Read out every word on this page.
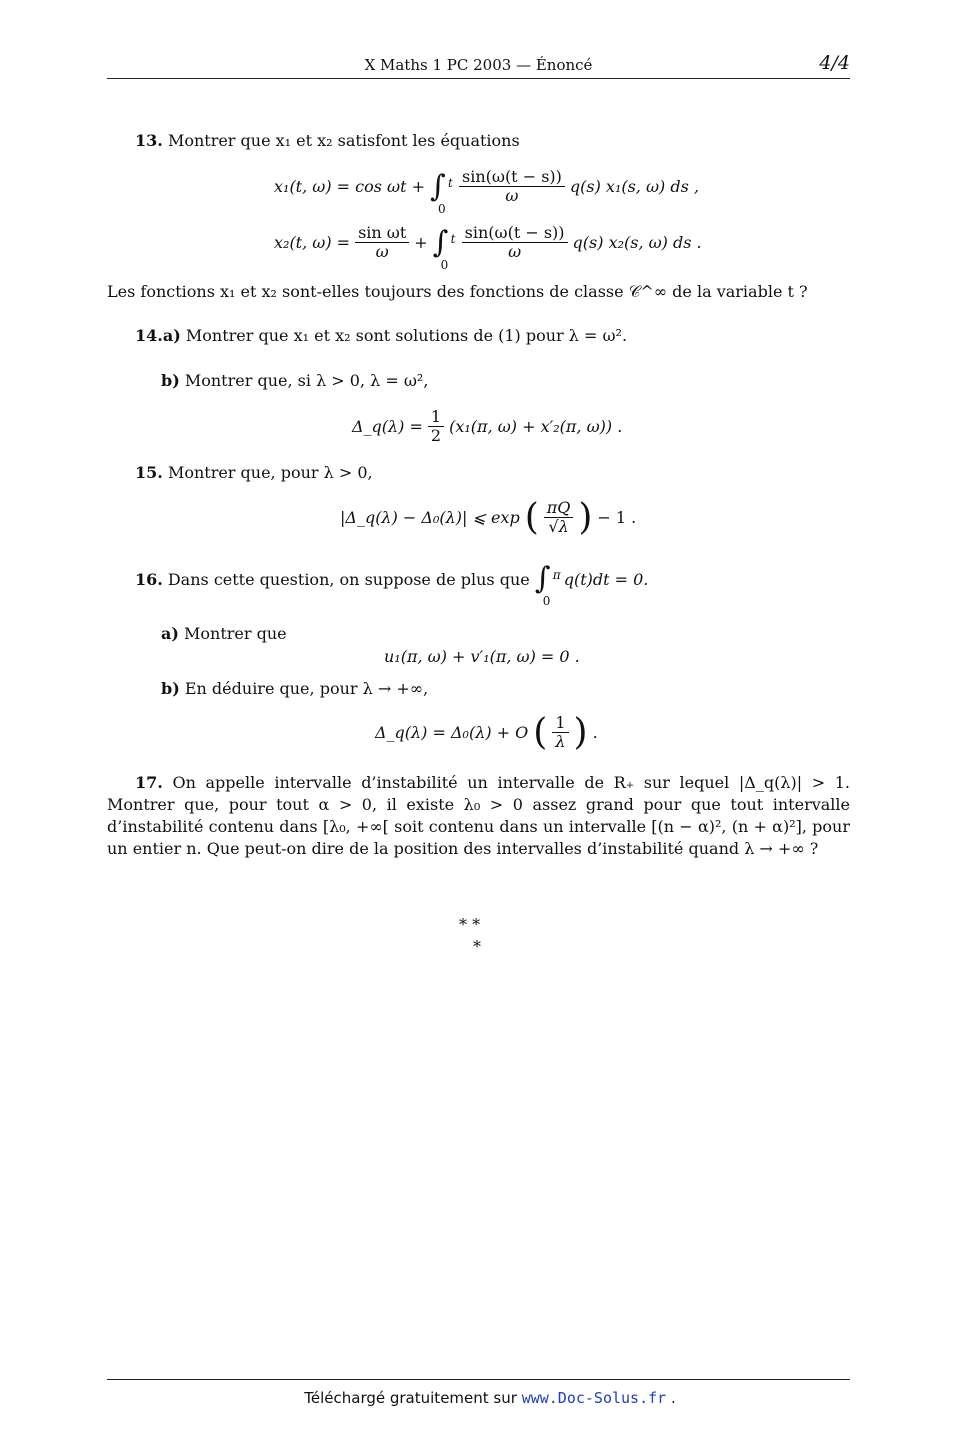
X Maths 1 PC 2003 — Énoncé	4/4
13. Montrer que x₁ et x₂ satisfont les équations
x₁(t, ω) = cos ωt + ∫ t
0
$\frac{\sin(\omega(t - s))}{\omega} q(s)$ x₁(s, ω) ds ,
x₂(t, $\omega) = \frac{\text{sin ωt}}{\omega}$ + ∫ t
0
$\frac{\sin(\omega(t - s))}{\omega} q(s)$ x₂(s, ω) ds .
Les fonctions x₁ et x₂ sont-elles toujours des fonctions de classe 𝒞^∞ de la variable t ?
14.a) Montrer que x₁ et x₂ sont solutions de (1) pour λ = ω².
b) Montrer que, si λ > 0, λ = ω²,
Δ_q(λ) = $\frac{1}{2} (x_1(\pi$, ω) + x′₂(π, ω)) .
15. Montrer que, pour λ > 0,
|Δ_q(λ) − Δ₀(λ)| ⩽ exp ( $\frac{\pi Q}{√\lambda}$ ) − 1 .
16. Dans cette question, on suppose de plus que ∫ π
0
q(t)dt = 0.
a) Montrer que
u₁(π, ω) + v′₁(π, ω) = 0 .
b) En déduire que, pour λ → +∞,
Δ_q(λ) = Δ₀(λ) + O ( $\frac{1}{\lambda}$ ) .
17. On appelle intervalle d’instabilité un intervalle de R₊ sur lequel |Δ_q(λ)| > 1. Montrer que, pour tout α > 0, il existe λ₀ > 0 assez grand pour que tout intervalle d’instabilité contenu dans [λ₀, +∞[ soit contenu dans un intervalle [(n − α)², (n + α)²], pour un entier n. Que peut-on dire de la position des intervalles d’instabilité quand λ → +∞ ?
* *
*
Téléchargé gratuitement sur www.Doc-Solus.fr .
